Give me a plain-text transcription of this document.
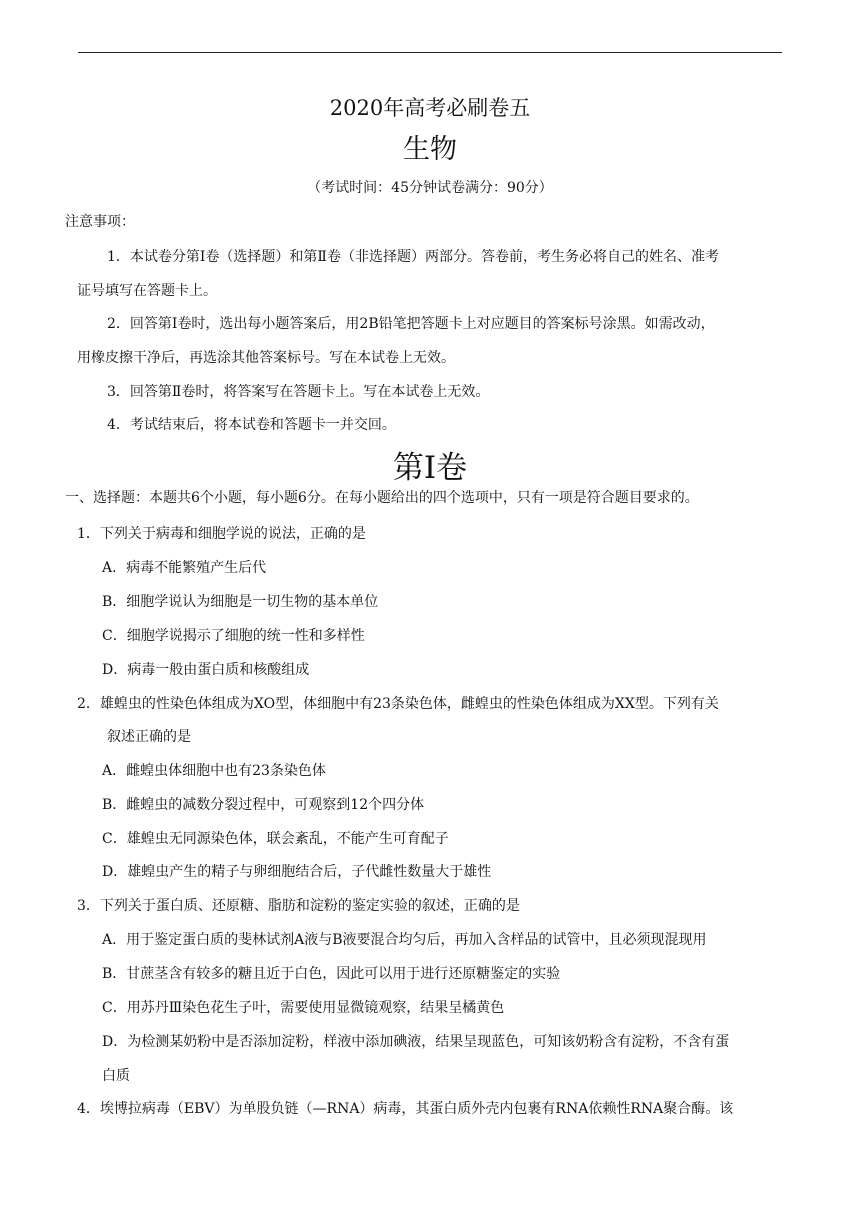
2020年高考必刷卷五
生物
（考试时间：45分钟试卷满分：90分）
注意事项：
1．本试卷分第Ⅰ卷（选择题）和第Ⅱ卷（非选择题）两部分。答卷前，考生务必将自己的姓名、准考
证号填写在答题卡上。
2．回答第Ⅰ卷时，选出每小题答案后，用2B铅笔把答题卡上对应题目的答案标号涂黑。如需改动，
用橡皮擦干净后，再选涂其他答案标号。写在本试卷上无效。
3．回答第Ⅱ卷时，将答案写在答题卡上。写在本试卷上无效。
4．考试结束后，将本试卷和答题卡一并交回。
第Ⅰ卷
一、选择题：本题共6个小题，每小题6分。在每小题给出的四个选项中，只有一项是符合题目要求的。
1．下列关于病毒和细胞学说的说法，正确的是
A．病毒不能繁殖产生后代
B．细胞学说认为细胞是一切生物的基本单位
C．细胞学说揭示了细胞的统一性和多样性
D．病毒一般由蛋白质和核酸组成
2．雄蝗虫的性染色体组成为XO型，体细胞中有23条染色体，雌蝗虫的性染色体组成为XX型。下列有关
叙述正确的是
A．雌蝗虫体细胞中也有23条染色体
B．雌蝗虫的减数分裂过程中，可观察到12个四分体
C．雄蝗虫无同源染色体，联会紊乱，不能产生可育配子
D．雄蝗虫产生的精子与卵细胞结合后，子代雌性数量大于雄性
3．下列关于蛋白质、还原糖、脂肪和淀粉的鉴定实验的叙述，正确的是
A．用于鉴定蛋白质的斐林试剂A液与B液要混合均匀后，再加入含样品的试管中，且必须现混现用
B．甘蔗茎含有较多的糖且近于白色，因此可以用于进行还原糖鉴定的实验
C．用苏丹Ⅲ染色花生子叶，需要使用显微镜观察，结果呈橘黄色
D．为检测某奶粉中是否添加淀粉，样液中添加碘液，结果呈现蓝色，可知该奶粉含有淀粉，不含有蛋
白质
4．埃博拉病毒（EBV）为单股负链（—RNA）病毒，其蛋白质外壳内包裹有RNA依赖性RNA聚合酶。该
